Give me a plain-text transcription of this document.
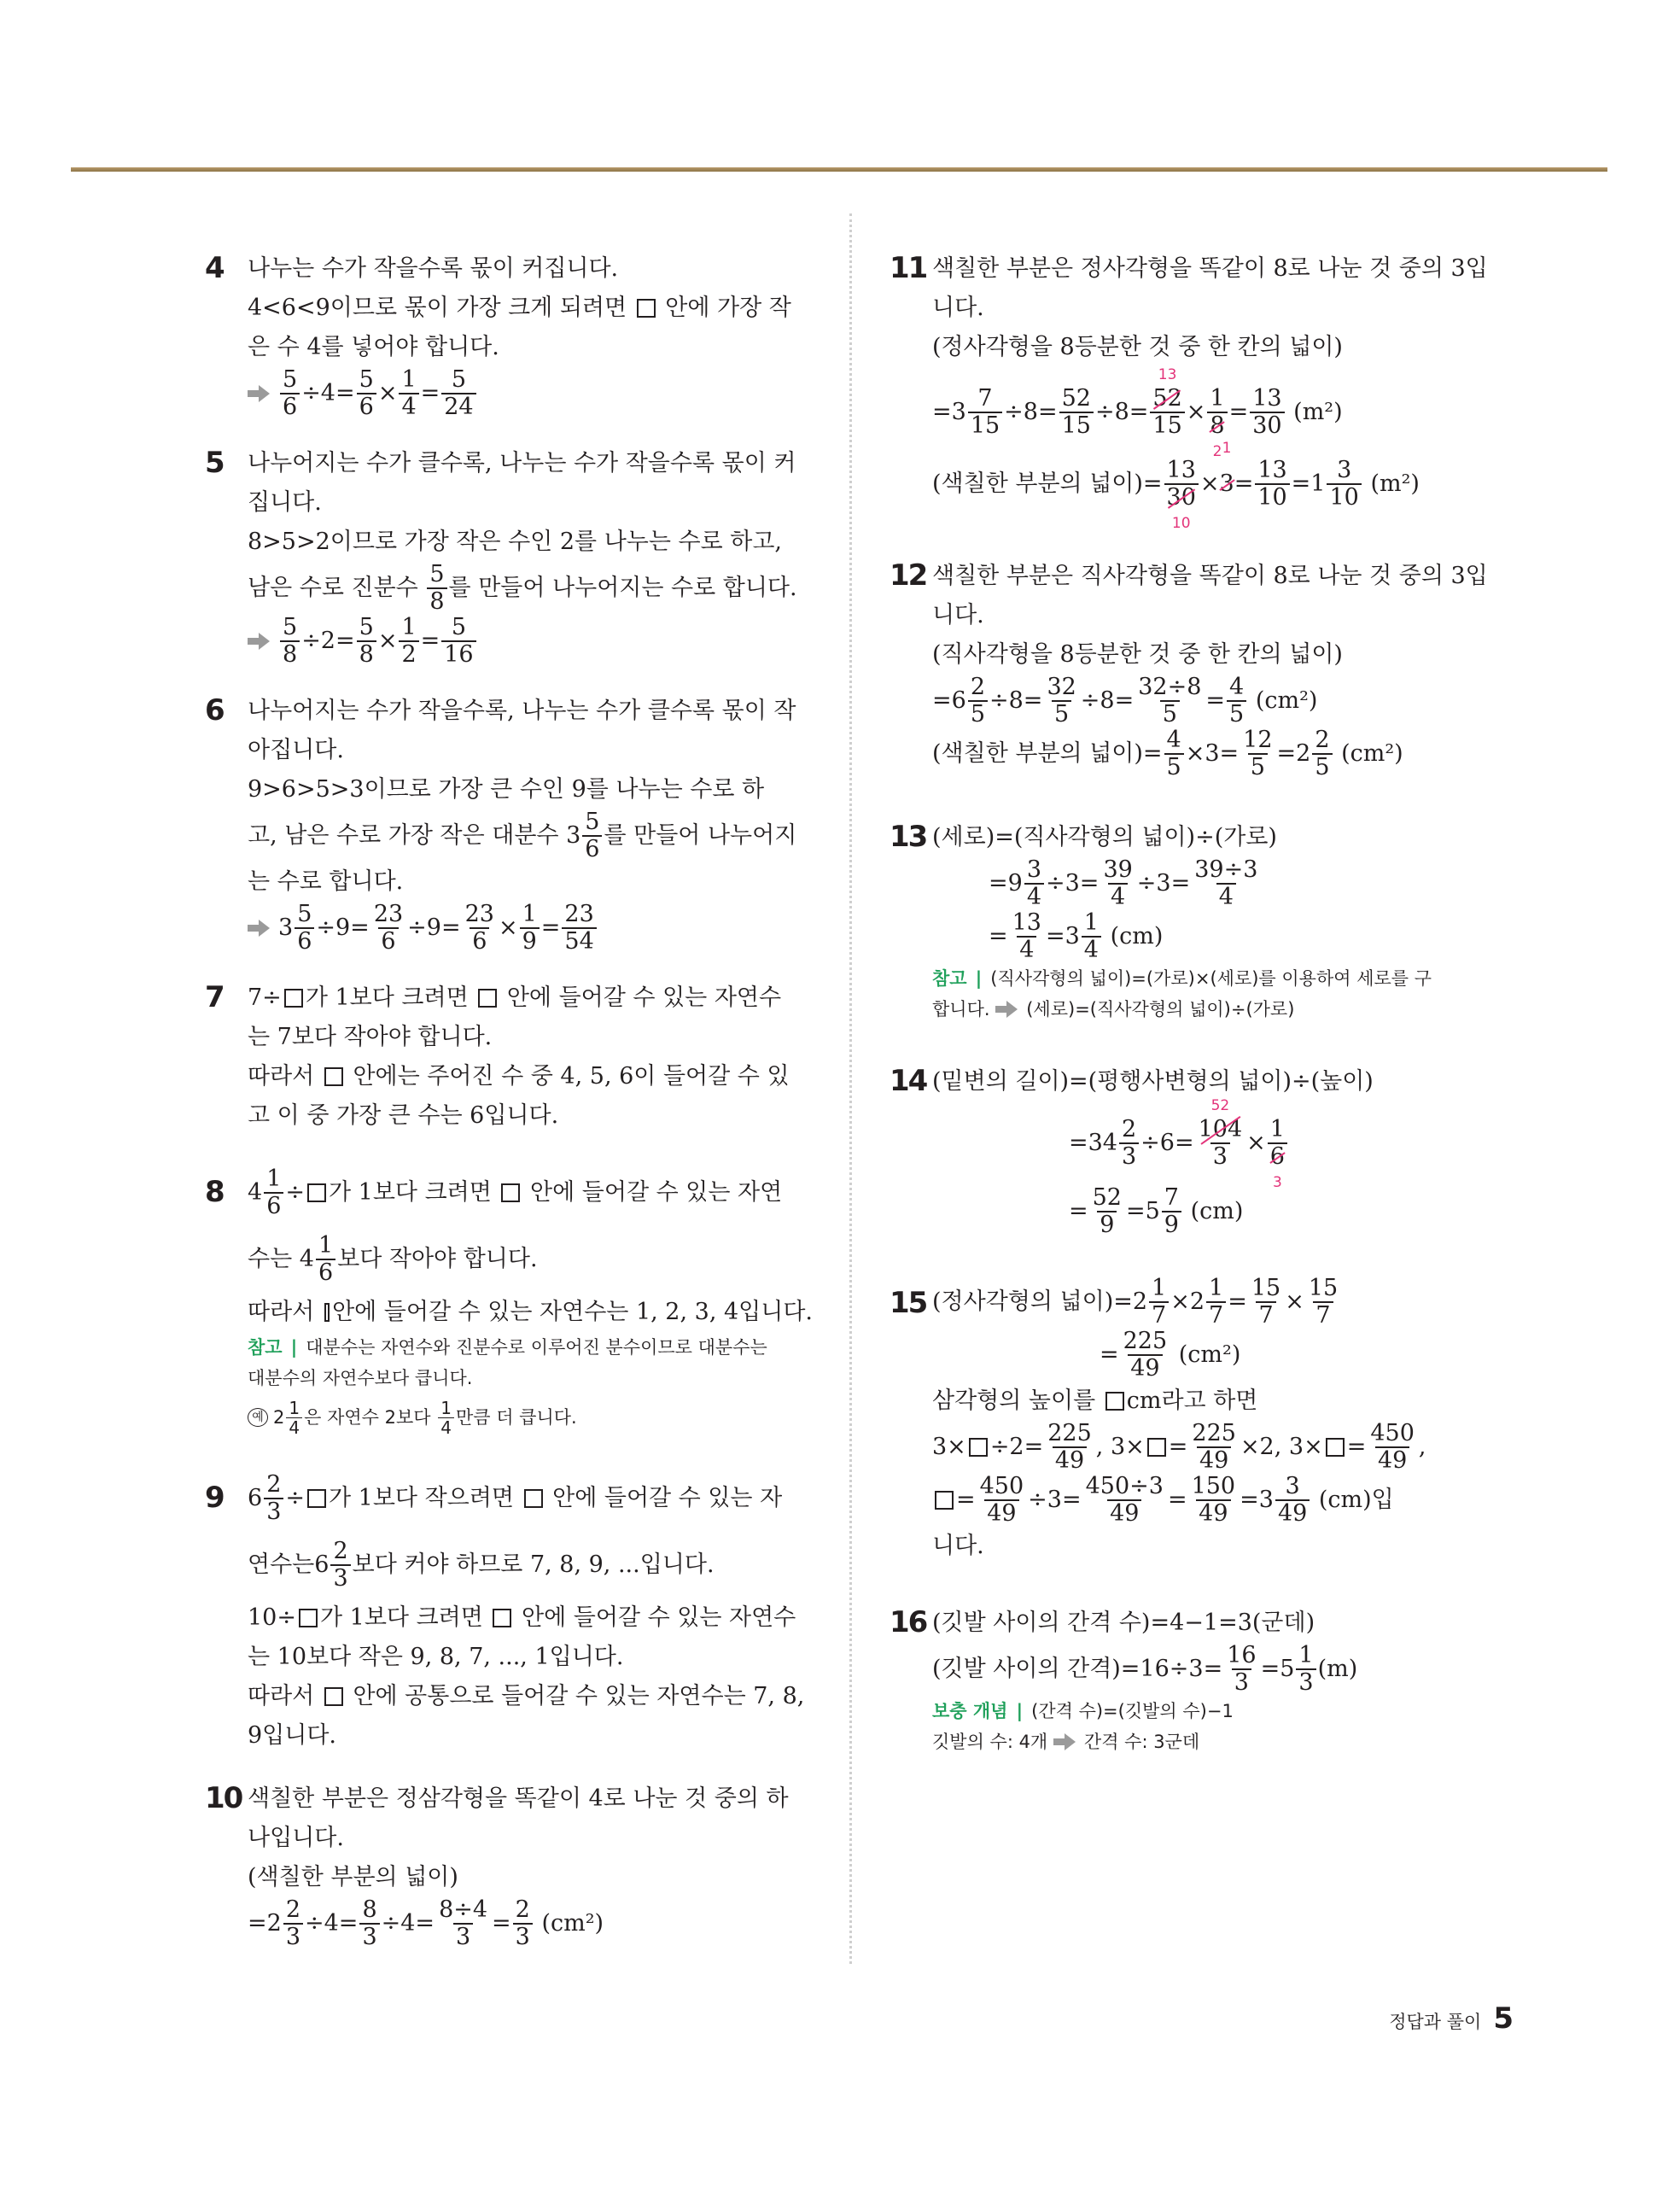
4	나누는 수가 작을수록 몫이 커집니다.
4<6<9이므로 몫이 가장 크게 되려면

안에 가장 작
은 수 4를 넣어야 합니다.
$\frac{5}{6} \div 4= \frac{5}{6} \times \frac{1}{4} = \frac{5}{24}$
5	나누어지는 수가 클수록, 나누는 수가 작을수록 몫이 커
집니다.
8>5>2이므로 가장 작은 수인 2를 나누는 수로 하고,
남은 수로 진분수
$\frac{5}{8}$ 를 만들어 나누어지는 수로 합니다.
$\frac{5}{8} \div 2= \frac{5}{8} \times \frac{1}{2} = \frac{5}{16}$
6	나누어지는 수가 작을수록, 나누는 수가 클수록 몫이 작
아집니다.
9>6>5>3이므로 가장 큰 수인 9를 나누는 수로 하
고, 남은 수로 가장 작은 대분수
$3 \frac{5}{6}$ 를 만들어 나누어지
는 수로 합니다.
$3 \frac{5}{6} \div 9= \frac{23}{6} \div 9= \frac{23}{6} \times \frac{1}{9} = \frac{23}{54}$
7	7÷ 가 1보다 크려면

안에 들어갈 수 있는 자연수
는 7보다 작아야 합니다.
따라서

안에는 주어진 수 중 4, 5, 6이 들어갈 수 있
고 이 중 가장 큰 수는 6입니다.
8	$4 \frac{1}{6}$ ÷ 가 1보다 크려면

안에 들어갈 수 있는 자연
수는
$4 \frac{1}{6}$ 보다 작아야 합니다.
따라서
안에 들어갈 수 있는 자연수는 1, 2, 3, 4입니다.
참고 | 대분수는 자연수와 진분수로 이루어진 분수이므로 대분수는
대분수의 자연수보다 큽니다.
예 $2 \frac{1}{4}$ 은 자연수 2보다
$\frac{1}{4}$ 만큼 더 큽니다.
9	$6 \frac{2}{3}$ ÷ 가 1보다 작으려면

안에 들어갈 수 있는 자
연수는 $6 \frac{2}{3}$ 보다 커야 하므로 7, 8, 9, ...입니다.
10÷ 가 1보다 크려면

안에 들어갈 수 있는 자연수
는 10보다 작은 9, 8, 7, ..., 1입니다.
따라서

안에 공통으로 들어갈 수 있는 자연수는 7, 8,
9입니다.
10 색칠한 부분은 정삼각형을 똑같이 4로 나눈 것 중의 하
나입니다.
(색칠한 부분의 넓이)
$=2 \frac{2}{3} \div 4= \frac{8}{3} \div 4= \frac{8\div 4}{3} = \frac{2}{3}$
(cm²)
11 색칠한 부분은 정사각형을 똑같이 8로 나눈 것 중의 3입
니다.
(정사각형을 8등분한 것 중 한 칸의 넓이)
$=3 \frac{7}{15} \div 8= \frac{52}{15} \div 8= 52$
13
15 × 1
8
$2 = \frac{13}{30}$
(m²)
(색칠한 부분의 넓이) = 13
30
10 × 3
1
= $\frac{13}{10} =1 \frac{3}{10}$
(m²)
12 색칠한 부분은 직사각형을 똑같이 8로 나눈 것 중의 3입
니다.
(직사각형을 8등분한 것 중 한 칸의 넓이)
$=6 \frac{2}{5} \div 8= \frac{32}{5} \div 8= \frac{32\div 8}{5} = \frac{4}{5}$
(cm²)
(색칠한 부분의 넓이) = $\frac{4}{5} \times 3= \frac{12}{5} =2 \frac{2}{5}$
(cm²)
13 (세로)=(직사각형의 넓이)÷(가로)
$=9 \frac{3}{4} \div 3= \frac{39}{4} \div 3= \frac{39\div 3}{4}$
= $\frac{13}{4} =3 \frac{1}{4}$
(cm)
참고 | (직사각형의 넓이)=(가로)×(세로)를 이용하여 세로를 구
합니다.
(세로)=(직사각형의 넓이)÷(가로)
14 (밑변의 길이)=(평행사변형의 넓이)÷(높이)
$=34 \frac{2}{3} \div 6= 104$
52
3 × 1
6
3
= $\frac{52}{9} =5 \frac{7}{9}$
(cm)
15 (정사각형의 넓이) $=2 \frac{1}{7} \times 2 \frac{1}{7} = \frac{15}{7} \times \frac{15}{7}$
= $\frac{225}{49}$
(cm²)
삼각형의 높이를
cm라고 하면
$3\times \div 2= \frac{225}{49}$ , $3\times = \frac{225}{49} \times 2$, $3\times = \frac{450}{49}$ ,
= $\frac{450}{49} \div 3= \frac{450\div 3}{49} = \frac{150}{49} =3 \frac{3}{49}$
(cm)입
니다.
16 (깃발 사이의 간격 수)=4−1=3(군데)
(깃발 사이의 간격)$=16\div 3= \frac{16}{3} = 5 \frac{1}{3} (m)$
보충 개념 | (간격 수)=(깃발의 수)−1
깃발의 수: 4개
간격 수: 3군데
정답과 풀이 5
